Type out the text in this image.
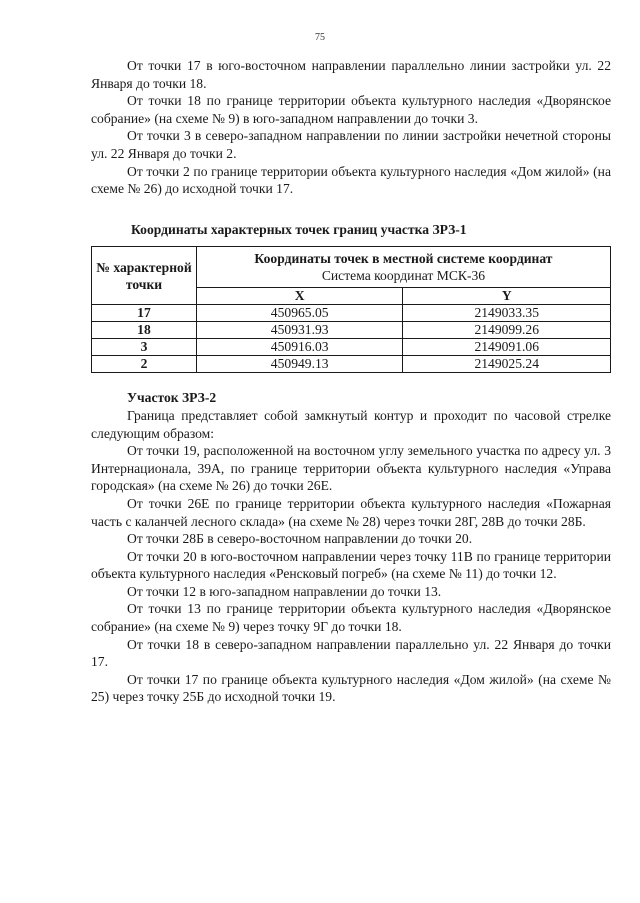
75

От точки 17 в юго-восточном направлении параллельно линии застройки ул. 22 Января до точки 18.

От точки 18 по границе территории объекта культурного наследия «Дворянское собрание» (на схеме № 9) в юго-западном направлении до точки 3.

От точки 3 в северо-западном направлении по линии застройки нечетной стороны ул. 22 Января до точки 2.

От точки 2 по границе территории объекта культурного наследия «Дом жилой» (на схеме № 26) до исходной точки 17.

Координаты характерных точек границ участка ЗРЗ-1

№ характерной точки	Координаты точек в местной системе координат
Система координат МСК-36	

	X	Y
17	450965.05	2149033.35
18	450931.93	2149099.26
3	450916.03	2149091.06
2	450949.13	2149025.24

Участок ЗРЗ-2

Граница представляет собой замкнутый контур и проходит по часовой стрелке следующим образом:

От точки 19, расположенной на восточном углу земельного участка по адресу ул. 3 Интернационала, 39А, по границе территории объекта культурного наследия «Управа городская» (на схеме № 26) до точки 26Е.

От точки 26Е по границе территории объекта культурного наследия «Пожарная часть с каланчей лесного склада» (на схеме № 28) через точки 28Г, 28В до точки 28Б.

От точки 28Б в северо-восточном направлении до точки 20.

От точки 20 в юго-восточном направлении через точку 11В по границе территории объекта культурного наследия «Ренсковый погреб» (на схеме № 11) до точки 12.

От точки 12 в юго-западном направлении до точки 13.

От точки 13 по границе территории объекта культурного наследия «Дворянское собрание» (на схеме № 9) через точку 9Г до точки 18.

От точки 18 в северо-западном направлении параллельно ул. 22 Января до точки 17.

От точки 17 по границе объекта культурного наследия «Дом жилой» (на схеме № 25) через точку 25Б до исходной точки 19.
